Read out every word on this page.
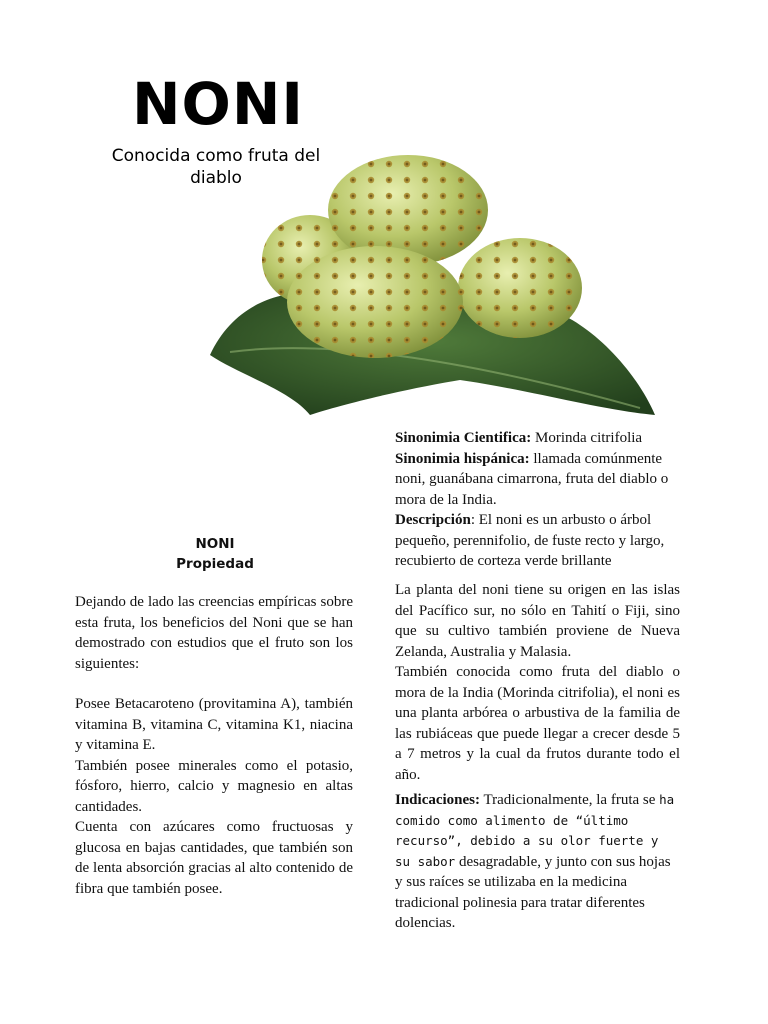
NONI
Conocida como fruta del diablo

Sinonimia Cientifica: Morinda citrifolia

Sinonimia hispánica: llamada comúnmente noni, guanábana cimarrona, fruta del diablo o mora de la India.

Descripción: El noni es un arbusto o árbol pequeño, perennifolio, de fuste recto y largo, recubierto de corteza verde brillante

La planta del noni tiene su origen en las islas del Pacífico sur, no sólo en Tahití o Fiji, sino que su cultivo también proviene de Nueva Zelanda, Australia y Malasia.

También conocida como fruta del diablo o mora de la India (Morinda citrifolia), el noni es una planta arbórea o arbustiva de la familia de las rubiáceas que puede llegar a crecer desde 5 a 7 metros y la cual da frutos durante todo el año.

Indicaciones: Tradicionalmente, la fruta se ha comido como alimento de “último recurso”, debido a su olor fuerte y su sabor desagradable, y junto con sus hojas y sus raíces se utilizaba en la medicina tradicional polinesia para tratar diferentes dolencias.

NONI
Propiedad

Dejando de lado las creencias empíricas sobre esta fruta, los beneficios del Noni que se han demostrado con estudios que el fruto son los siguientes:

Posee Betacaroteno (provitamina A), también vitamina B, vitamina C, vitamina K1, niacina y vitamina E.

También posee minerales como el potasio, fósforo, hierro, calcio y magnesio en altas cantidades.

Cuenta con azúcares como fructuosas y glucosa en bajas cantidades, que también son de lenta absorción gracias al alto contenido de fibra que también posee.
